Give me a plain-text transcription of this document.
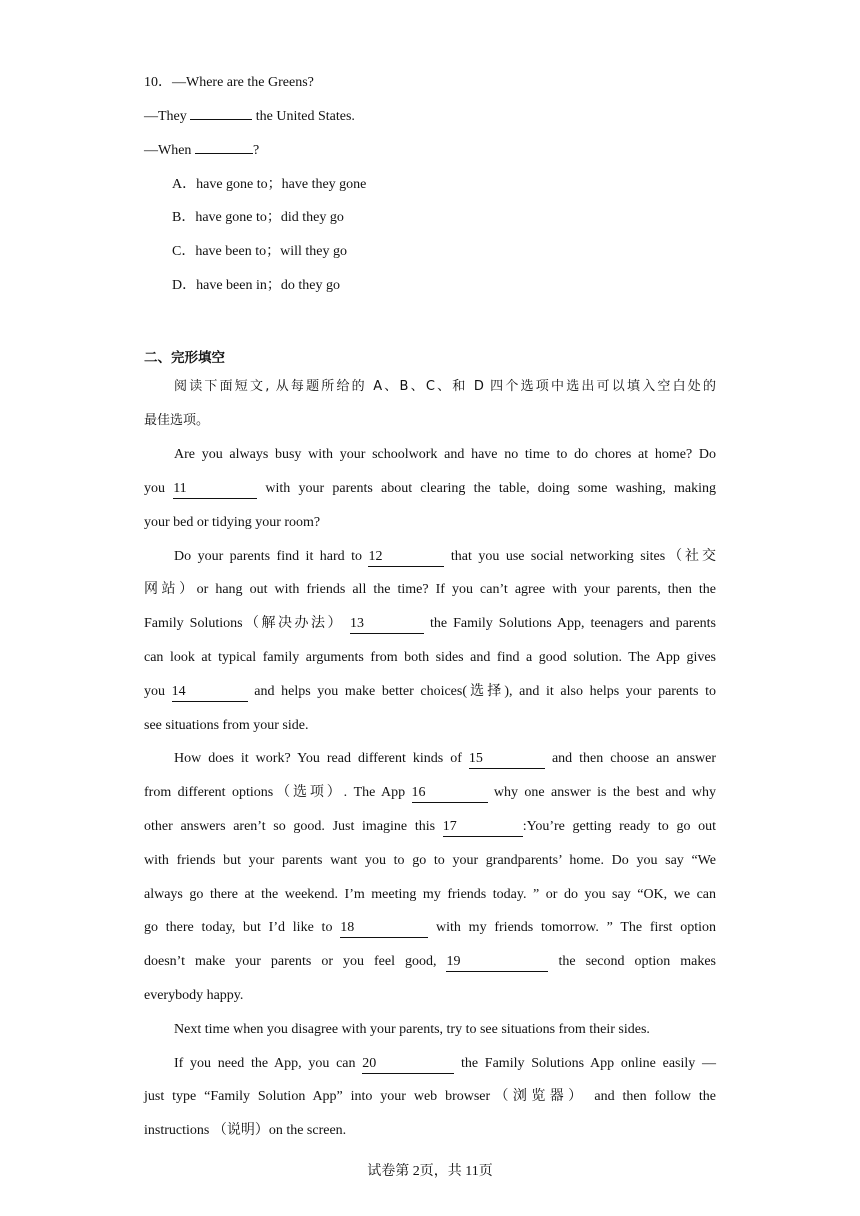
10．—Where are the Greens?
—They	the United States.
—When	?
A．have gone to；have they gone
B．have gone to；did they go
C．have been to；will they go
D．have been in；do they go
二、完形填空
阅读下面短文, 从每题所给的 A、B、C、和 D 四个选项中选出可以填入空白处的
最佳选项。
Are you always busy with your schoolwork and have no time to do chores at home? Do
you 11	with your parents about clearing the table, doing some washing, making
your bed or tidying your room?
Do your parents find it hard to 12	that you use social networking sites（社交
网站）or hang out with friends all the time? If you can’t agree with your parents, then the
Family Solutions（解决办法） 13	the Family Solutions App, teenagers and parents
can look at typical family arguments from both sides and find a good solution. The App gives
you 14	and helps you make better choices(选择), and it also helps your parents to
see situations from your side.
How does it work? You read different kinds of 15	and then choose an answer
from different options（选项）. The App 16	why one answer is the best and why
other answers aren’t so good. Just imagine this 17	:You’re getting ready to go out
with friends but your parents want you to go to your grandparents’ home. Do you say “We
always go there at the weekend. I’m meeting my friends today. ” or do you say “OK, we can
go there today, but I’d like to 18	with my friends tomorrow. ” The first option
doesn’t make your parents or you feel good, 19	the second option makes
everybody happy.
Next time when you disagree with your parents, try to see situations from their sides.
If you need the App, you can 20	the Family Solutions App online easily —
just type “Family Solution App” into your web browser（浏览器） and then follow the
instructions （说明）on the screen.
试卷第 2页，共 11页
